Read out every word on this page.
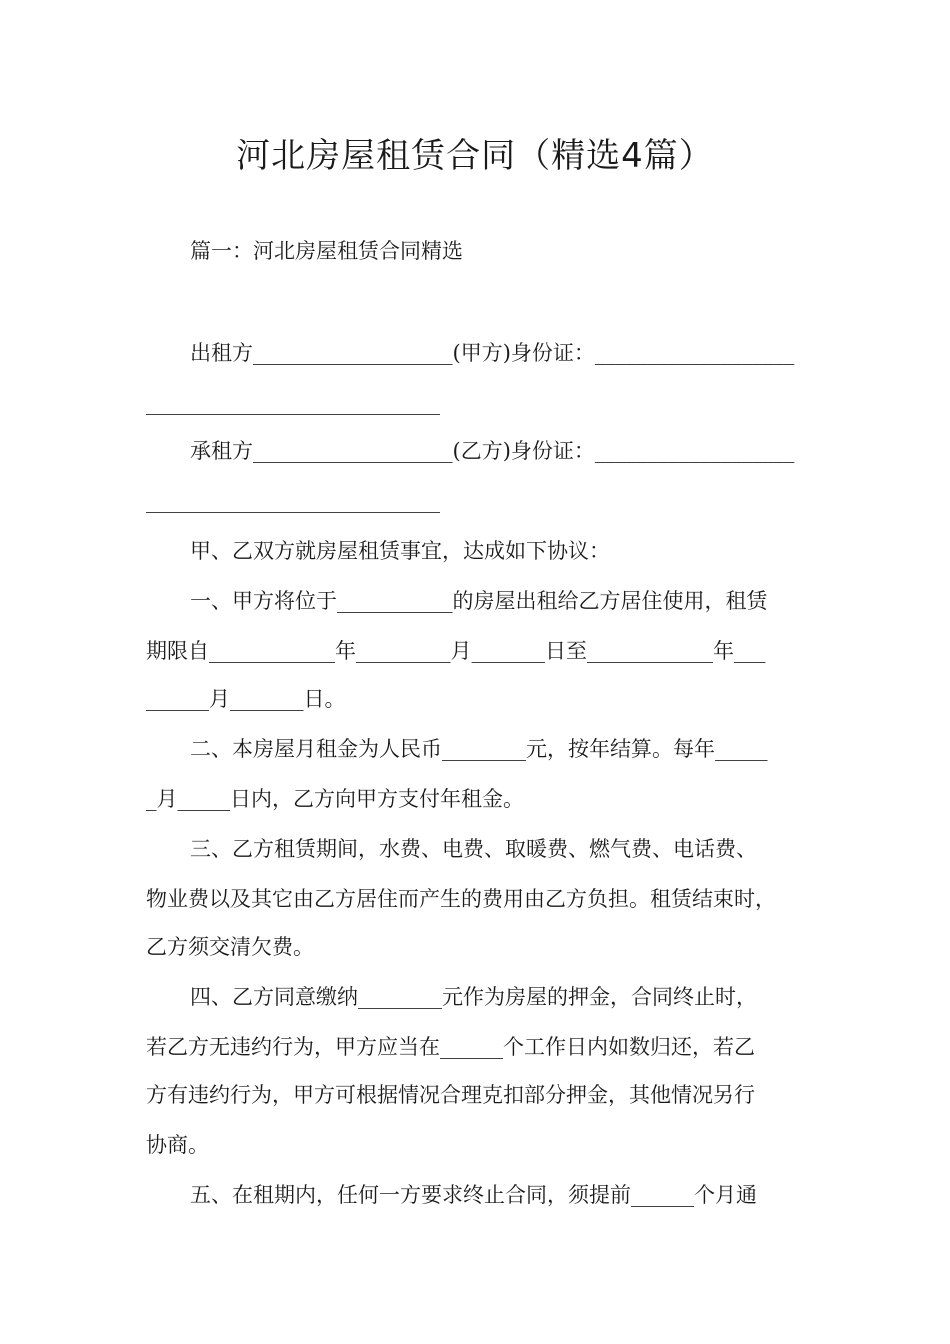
河北房屋租赁合同（精选4篇）

篇一：河北房屋租赁合同精选

出租方___________________(甲方)身份证：___________________

____________________________

承租方___________________(乙方)身份证：___________________

____________________________

甲、乙双方就房屋租赁事宜，达成如下协议：

一、甲方将位于___________的房屋出租给乙方居住使用，租赁

期限自____________年_________月_______日至____________年___

______月_______日。

二、本房屋月租金为人民币________元，按年结算。每年_____

_月_____日内，乙方向甲方支付年租金。

三、乙方租赁期间，水费、电费、取暖费、燃气费、电话费、

物业费以及其它由乙方居住而产生的费用由乙方负担。租赁结束时，

乙方须交清欠费。

四、乙方同意缴纳________元作为房屋的押金，合同终止时，

若乙方无违约行为，甲方应当在______个工作日内如数归还，若乙

方有违约行为，甲方可根据情况合理克扣部分押金，其他情况另行

协商。

五、在租期内，任何一方要求终止合同，须提前______个月通
